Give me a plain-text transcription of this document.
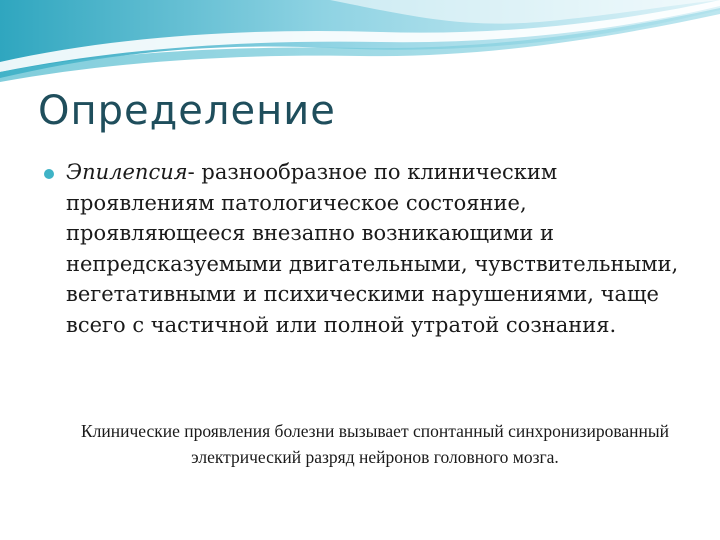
Определение
Эпилепсия- разнообразное по клиническим проявлениям патологическое состояние, проявляющееся внезапно возникающими и непредсказуемыми двигательными, чувствительными, вегетативными и психическими нарушениями, чаще всего с частичной или полной утратой сознания.
Клинические проявления болезни вызывает спонтанный синхронизированный электрический разряд нейронов головного мозга.
